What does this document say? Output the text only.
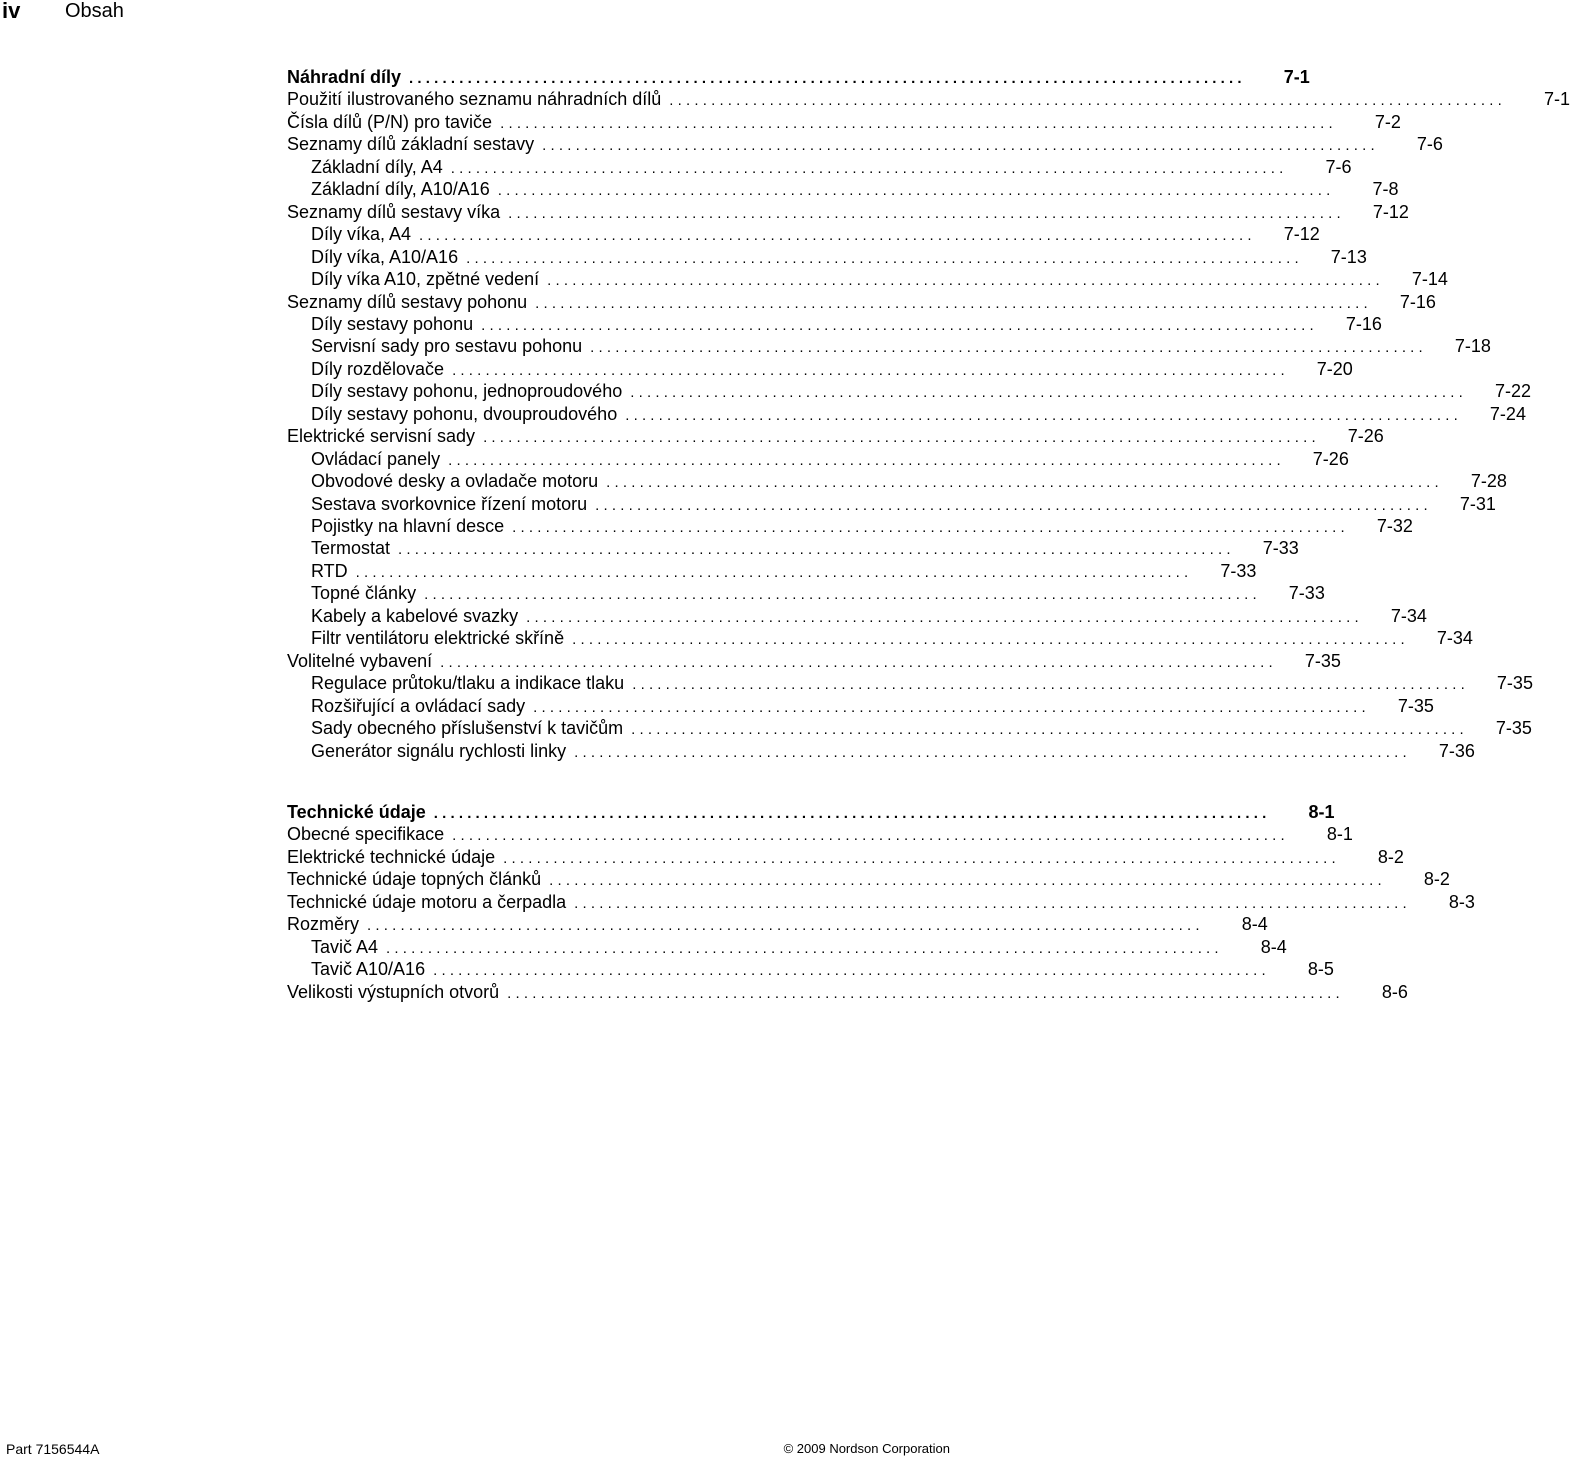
iv Obsah
Náhradní díly ....................................................................................................	7-1
Použití ilustrovaného seznamu náhradních dílů ....................................................................................................	7-1
Čísla dílů (P/N) pro taviče ....................................................................................................	7-2
Seznamy dílů základní sestavy ....................................................................................................	7-6
Základní díly, A4 ....................................................................................................	7-6
Základní díly, A10/A16 ....................................................................................................	7-8
Seznamy dílů sestavy víka ....................................................................................................	7-12
Díly víka, A4 ....................................................................................................	7-12
Díly víka, A10/A16 ....................................................................................................	7-13
Díly víka A10, zpětné vedení ....................................................................................................	7-14
Seznamy dílů sestavy pohonu ....................................................................................................	7-16
Díly sestavy pohonu ....................................................................................................	7-16
Servisní sady pro sestavu pohonu ....................................................................................................	7-18
Díly rozdělovače ....................................................................................................	7-20
Díly sestavy pohonu, jednoproudového ....................................................................................................	7-22
Díly sestavy pohonu, dvouproudového ....................................................................................................	7-24
Elektrické servisní sady ....................................................................................................	7-26
Ovládací panely ....................................................................................................	7-26
Obvodové desky a ovladače motoru ....................................................................................................	7-28
Sestava svorkovnice řízení motoru ....................................................................................................	7-31
Pojistky na hlavní desce ....................................................................................................	7-32
Termostat ....................................................................................................	7-33
RTD ....................................................................................................	7-33
Topné články ....................................................................................................	7-33
Kabely a kabelové svazky ....................................................................................................	7-34
Filtr ventilátoru elektrické skříně ....................................................................................................	7-34
Volitelné vybavení ....................................................................................................	7-35
Regulace průtoku/tlaku a indikace tlaku ....................................................................................................	7-35
Rozšiřující a ovládací sady ....................................................................................................	7-35
Sady obecného příslušenství k tavičům ....................................................................................................	7-35
Generátor signálu rychlosti linky ....................................................................................................	7-36
Technické údaje ....................................................................................................	8-1
Obecné specifikace ....................................................................................................	8-1
Elektrické technické údaje ....................................................................................................	8-2
Technické údaje topných článků ....................................................................................................	8-2
Technické údaje motoru a čerpadla ....................................................................................................	8-3
Rozměry ....................................................................................................	8-4
Tavič A4 ....................................................................................................	8-4
Tavič A10/A16 ....................................................................................................	8-5
Velikosti výstupních otvorů ....................................................................................................	8-6
Part 7156544A	© 2009 Nordson Corporation
